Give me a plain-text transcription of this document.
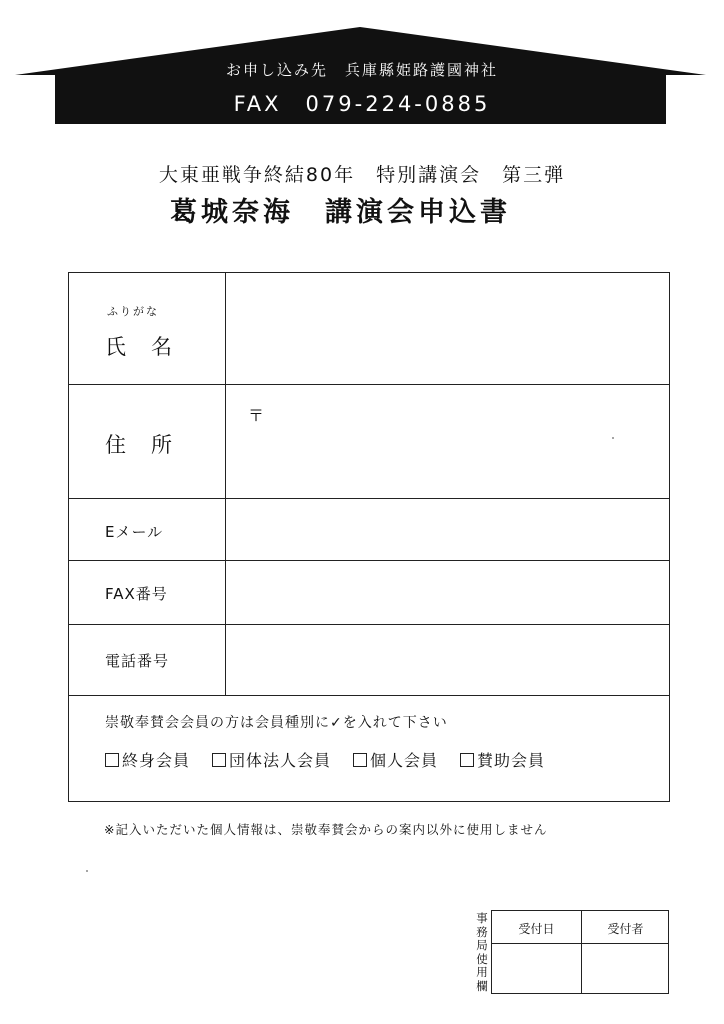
お申し込み先　兵庫縣姫路護國神社
FAX　079-224-0885
大東亜戦争終結80年　特別講演会　第三弾
葛城奈海　講演会申込書
ふりがな
氏　名
住　所
〒
Eメール
FAX番号
電話番号
崇敬奉賛会会員の方は会員種別に✓を入れて下さい
終身会員 団体法人会員 個人会員 賛助会員
※記入いただいた個人情報は、崇敬奉賛会からの案内以外に使用しません
事務局使用欄
受付日	受付者
